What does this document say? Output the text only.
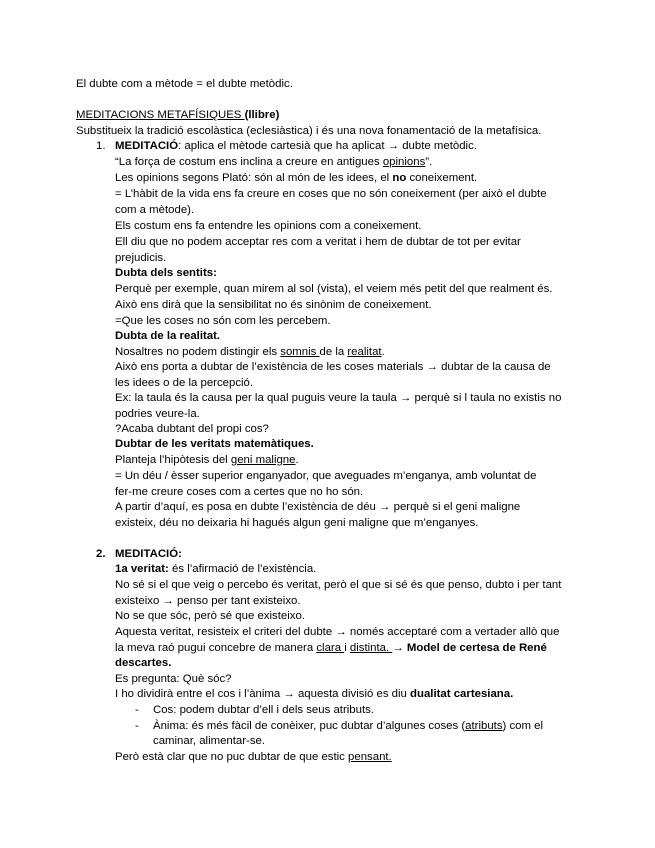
El dubte com a mètode = el dubte metòdic.
MEDITACIONS METAFÍSIQUES (llibre)
Substitueix la tradició escolàstica (eclesiàstica) i és una nova fonamentació de la metafísica.
1. MEDITACIÓ: aplica el mètode cartesià que ha aplicat → dubte metòdic.
“La força de costum ens inclina a creure en antigues opinions”.
Les opinions segons Plató: són al món de les idees, el no coneixement.
= L’hàbit de la vida ens fa creure en coses que no són coneixement (per això el dubte
com a mètode).
Els costum ens fa entendre les opinions com a coneixement.
Ell diu que no podem acceptar res com a veritat i hem de dubtar de tot per evitar
prejudicis.
Dubta dels sentits:
Perquè per exemple, quan mirem al sol (vista), el veiem més petit del que realment és.
Això ens dirà que la sensibilitat no és sinònim de coneixement.
=Que les coses no són com les percebem.
Dubta de la realitat.
Nosaltres no podem distingir els somnis de la realitat.
Això ens porta a dubtar de l’existència de les coses materials → dubtar de la causa de
les idees o de la percepció.
Ex: la taula és la causa per la qual puguis veure la taula → perquè si l taula no existis no
podries veure-la.
?Acaba dubtant del propi cos?
Dubtar de les veritats matemàtiques.
Planteja l’hipòtesis del geni maligne.
= Un déu / èsser superior enganyador, que aveguades m’enganya, amb voluntat de
fer-me creure coses com a certes que no ho són.
A partir d’aquí, es posa en dubte l’existència de déu → perquè si el geni maligne
existeix, déu no deixaria hi hagués algun geni maligne que m’enganyes.
2. MEDITACIÓ:
1a veritat: és l’afirmació de l’existència.
No sé si el que veig o percebo és veritat, però el que si sé és que penso, dubto i per tant
existeixo → penso per tant existeixo.
No se que sóc, però sé que existeixo.
Aquesta veritat, resisteix el criteri del dubte → només acceptaré com a vertader allò que
la meva raó pugui concebre de manera clara i distinta. → Model de certesa de René
descartes.
Es pregunta: Què sóc?
I ho dividirà entre el cos i l’ànima → aquesta divisió es diu dualitat cartesiana.
- Cos: podem dubtar d’ell i dels seus atributs.
- Ànima: és més fàcil de conèixer, puc dubtar d’algunes coses (atributs) com el
caminar, alimentar-se.
Però està clar que no puc dubtar de que estic pensant.
